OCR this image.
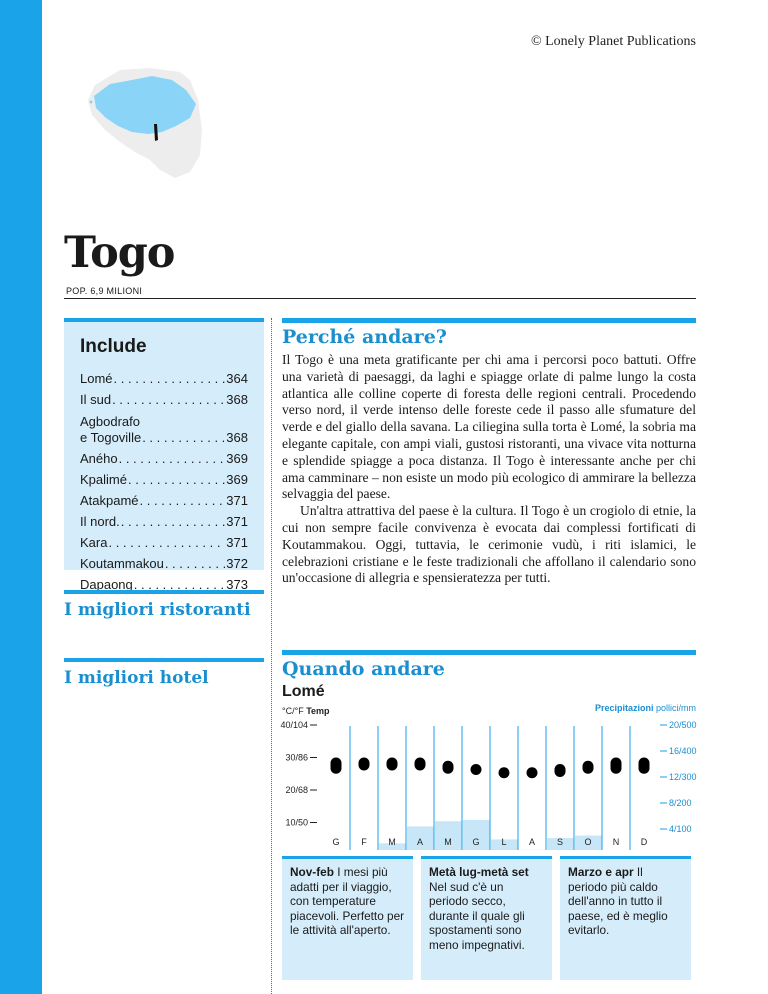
© Lonely Planet Publications
Togo
POP. 6,9 MILIONI
Include
Lomé . . .	364
Il sud . . .	368
Agbodrafo
e Togoville . . .	368
Aného . . .	369
Kpalimé . . .	369
Atakpamé . . .	371
Il nord. . . .	371
Kara . . .	371
Koutammakou . . .	372
Dapaong . . .	373
I migliori ristoranti
I migliori hotel
Perché andare?

Il Togo è una meta gratificante per chi ama i percorsi poco battuti. Offre una varietà di paesaggi, da laghi e spiagge orlate di palme lungo la costa atlantica alle colline coperte di foresta delle regioni centrali. Procedendo verso nord, il verde intenso delle foreste cede il passo alle sfumature del verde e del giallo della savana. La ciliegina sulla torta è Lomé, la sobria ma elegante capitale, con ampi viali, gustosi ristoranti, una vivace vita notturna e splendide spiagge a poca distanza. Il Togo è interessante anche per chi ama camminare – non esiste un modo più ecologico di ammirare la bellezza selvaggia del paese.

Un'altra attrattiva del paese è la cultura. Il Togo è un crogiolo di etnie, la cui non sempre facile convivenza è evocata dai complessi fortificati di Koutammakou. Oggi, tuttavia, le cerimonie vudù, i riti islamici, le celebrazioni cristiane e le feste tradizionali che affollano il calendario sono un'occasione di allegria e spensieratezza per tutti.

Quando andare
Lomé
°C/°F Temp	Precipitazioni pollici/mm
40/104
30/86
20/68
10/50
20/500
16/400
12/300
8/200
4/100
G F M A M G L A S O N D
Nov-feb I mesi più adatti per il viaggio, con temperature piacevoli. Perfetto per le attività all'aperto.
Metà lug-metà set Nel sud c'è un periodo secco, durante il quale gli spostamenti sono meno impegnativi.
Marzo e apr Il periodo più caldo dell'anno in tutto il paese, ed è meglio evitarlo.
